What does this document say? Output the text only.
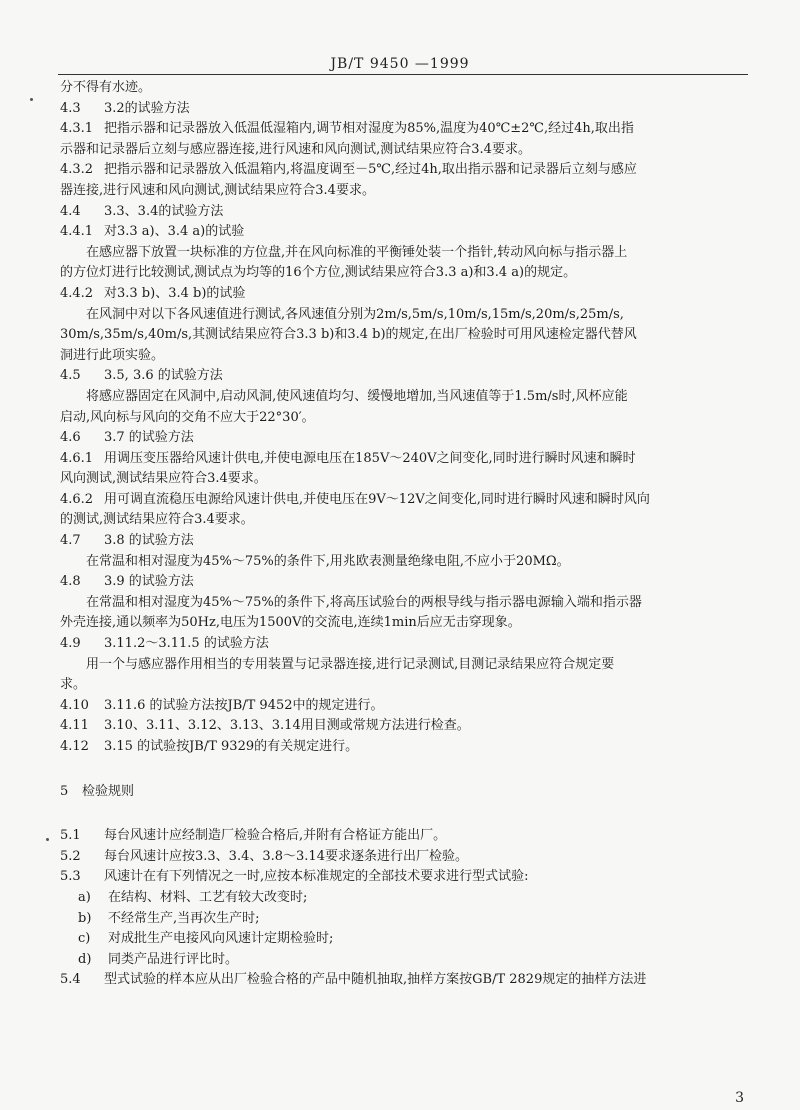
JB/T 9450 —1999
分不得有水迹。
4.3 3.2的试验方法
4.3.1 把指示器和记录器放入低温低湿箱内,调节相对湿度为85%,温度为40℃±2℃,经过4h,取出指
示器和记录器后立刻与感应器连接,进行风速和风向测试,测试结果应符合3.4要求。
4.3.2 把指示器和记录器放入低温箱内,将温度调至－5℃,经过4h,取出指示器和记录器后立刻与感应
器连接,进行风速和风向测试,测试结果应符合3.4要求。
4.4 3.3、3.4的试验方法
4.4.1 对3.3 a)、3.4 a)的试验
在感应器下放置一块标准的方位盘,并在风向标准的平衡锤处装一个指针,转动风向标与指示器上
的方位灯进行比较测试,测试点为均等的16个方位,测试结果应符合3.3 a)和3.4 a)的规定。
4.4.2 对3.3 b)、3.4 b)的试验
在风洞中对以下各风速值进行测试,各风速值分别为2m/s,5m/s,10m/s,15m/s,20m/s,25m/s,
30m/s,35m/s,40m/s,其测试结果应符合3.3 b)和3.4 b)的规定,在出厂检验时可用风速检定器代替风
洞进行此项实验。
4.5 3.5, 3.6 的试验方法
将感应器固定在风洞中,启动风洞,使风速值均匀、缓慢地增加,当风速值等于1.5m/s时,风杯应能
启动,风向标与风向的交角不应大于22°30′。
4.6 3.7 的试验方法
4.6.1 用调压变压器给风速计供电,并使电源电压在185V～240V之间变化,同时进行瞬时风速和瞬时
风向测试,测试结果应符合3.4要求。
4.6.2 用可调直流稳压电源给风速计供电,并使电压在9V～12V之间变化,同时进行瞬时风速和瞬时风向
的测试,测试结果应符合3.4要求。
4.7 3.8 的试验方法
在常温和相对湿度为45%～75%的条件下,用兆欧表测量绝缘电阻,不应小于20MΩ。
4.8 3.9 的试验方法
在常温和相对湿度为45%～75%的条件下,将高压试验台的两根导线与指示器电源输入端和指示器
外壳连接,通以频率为50Hz,电压为1500V的交流电,连续1min后应无击穿现象。
4.9 3.11.2～3.11.5 的试验方法
用一个与感应器作用相当的专用装置与记录器连接,进行记录测试,目测记录结果应符合规定要
求。
4.10 3.11.6 的试验方法按JB/T 9452中的规定进行。
4.11 3.10、3.11、3.12、3.13、3.14用目测或常规方法进行检查。
4.12 3.15 的试验按JB/T 9329的有关规定进行。
5 检验规则
5.1 每台风速计应经制造厂检验合格后,并附有合格证方能出厂。
5.2 每台风速计应按3.3、3.4、3.8～3.14要求逐条进行出厂检验。
5.3 风速计在有下列情况之一时,应按本标准规定的全部技术要求进行型式试验:
a) 在结构、材料、工艺有较大改变时;
b) 不经常生产,当再次生产时;
c) 对成批生产电接风向风速计定期检验时;
d) 同类产品进行评比时。
5.4 型式试验的样本应从出厂检验合格的产品中随机抽取,抽样方案按GB/T 2829规定的抽样方法进
3
